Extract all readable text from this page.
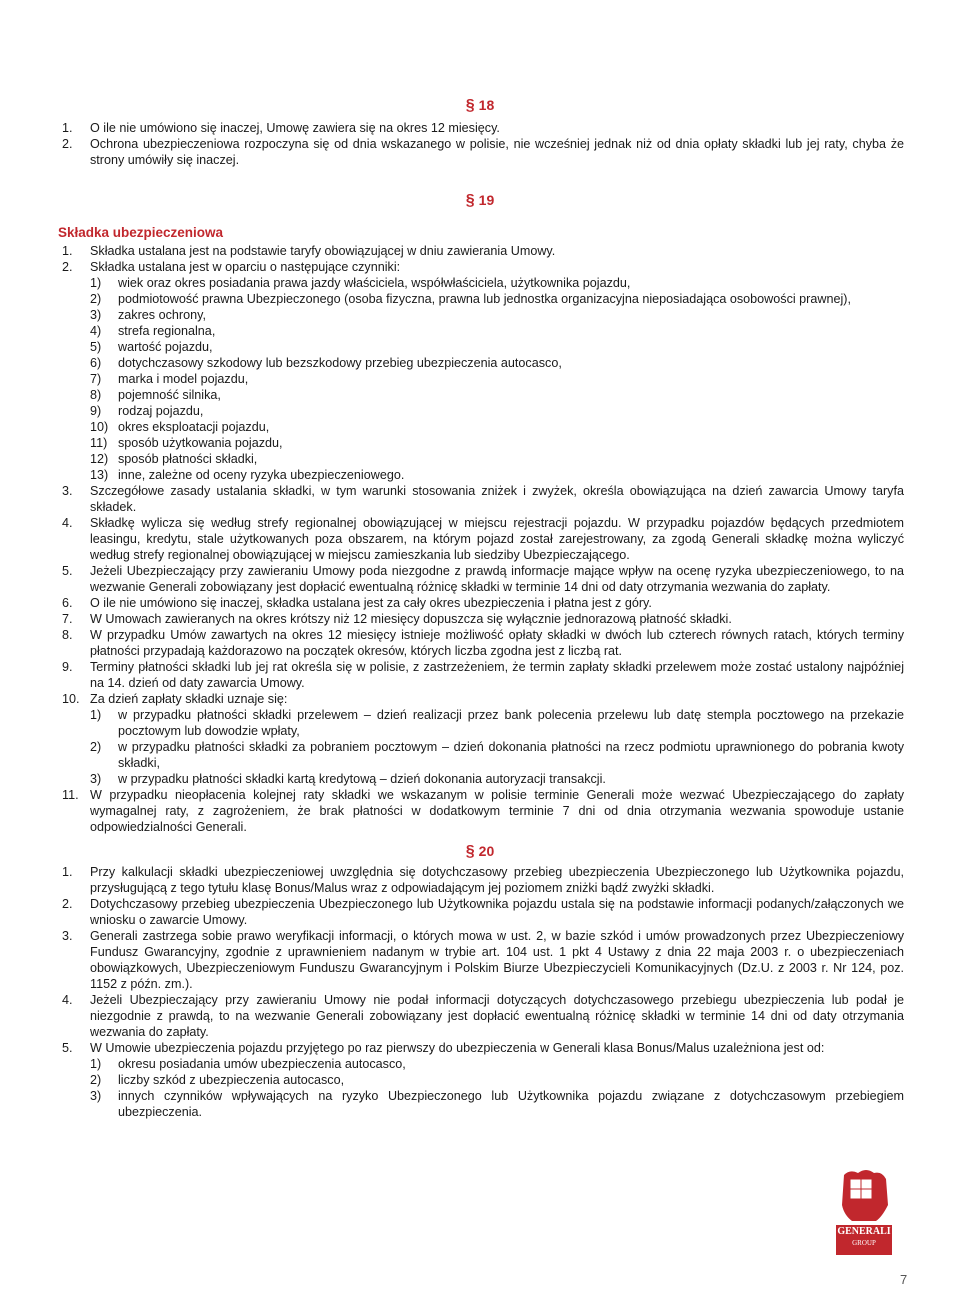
§ 18
1.	O ile nie umówiono się inaczej, Umowę zawiera się na okres 12 miesięcy.
2.	Ochrona ubezpieczeniowa rozpoczyna się od dnia wskazanego w polisie, nie wcześniej jednak niż od dnia opłaty składki lub jej raty, chyba że strony umówiły się inaczej.
§ 19
Składka ubezpieczeniowa
1.	Składka ustalana jest na podstawie taryfy obowiązującej w dniu zawierania Umowy.
2.	Składka ustalana jest w oparciu o następujące czynniki:
1)	wiek oraz okres posiadania prawa jazdy właściciela, współwłaściciela, użytkownika pojazdu,
2)	podmiotowość prawna Ubezpieczonego (osoba fizyczna, prawna lub jednostka organizacyjna nieposiadająca osobowości prawnej),
3)	zakres ochrony,
4)	strefa regionalna,
5)	wartość pojazdu,
6)	dotychczasowy szkodowy lub bezszkodowy przebieg ubezpieczenia autocasco,
7)	marka i model pojazdu,
8)	pojemność silnika,
9)	rodzaj pojazdu,
10) okres eksploatacji pojazdu,
11) sposób użytkowania pojazdu,
12) sposób płatności składki,
13) inne, zależne od oceny ryzyka ubezpieczeniowego.
3.	Szczegółowe zasady ustalania składki, w tym warunki stosowania zniżek i zwyżek, określa obowiązująca na dzień zawarcia Umowy taryfa składek.
4.	Składkę wylicza się według strefy regionalnej obowiązującej w miejscu rejestracji pojazdu. W przypadku pojazdów będących przedmiotem leasingu, kredytu, stale użytkowanych poza obszarem, na którym pojazd został zarejestrowany, za zgodą Generali składkę można wyliczyć według strefy regionalnej obowiązującej w miejscu zamieszkania lub siedziby Ubezpieczającego.
5.	Jeżeli Ubezpieczający przy zawieraniu Umowy poda niezgodne z prawdą informacje mające wpływ na ocenę ryzyka ubezpieczeniowego, to na wezwanie Generali zobowiązany jest dopłacić ewentualną różnicę składki w terminie 14 dni od daty otrzymania wezwania do zapłaty.
6.	O ile nie umówiono się inaczej, składka ustalana jest za cały okres ubezpieczenia i płatna jest z góry.
7.	W Umowach zawieranych na okres krótszy niż 12 miesięcy dopuszcza się wyłącznie jednorazową płatność składki.
8.	W przypadku Umów zawartych na okres 12 miesięcy istnieje możliwość opłaty składki w dwóch lub czterech równych ratach, których terminy płatności przypadają każdorazowo na początek okresów, których liczba zgodna jest z liczbą rat.
9.	Terminy płatności składki lub jej rat określa się w polisie, z zastrzeżeniem, że termin zapłaty składki przelewem może zostać ustalony najpóźniej na 14. dzień od daty zawarcia Umowy.
10. Za dzień zapłaty składki uznaje się:
1)	w przypadku płatności składki przelewem – dzień realizacji przez bank polecenia przelewu lub datę stempla pocztowego na przekazie pocztowym lub dowodzie wpłaty,
2)	w przypadku płatności składki za pobraniem pocztowym – dzień dokonania płatności na rzecz podmiotu uprawnionego do pobrania kwoty składki,
3)	w przypadku płatności składki kartą kredytową – dzień dokonania autoryzacji transakcji.
11. W przypadku nieopłacenia kolejnej raty składki we wskazanym w polisie terminie Generali może wezwać Ubezpieczającego do zapłaty wymagalnej raty, z zagrożeniem, że brak płatności w dodatkowym terminie 7 dni od dnia otrzymania wezwania spowoduje ustanie odpowiedzialności Generali.
§ 20
1.	Przy kalkulacji składki ubezpieczeniowej uwzględnia się dotychczasowy przebieg ubezpieczenia Ubezpieczonego lub Użytkownika pojazdu, przysługującą z tego tytułu klasę Bonus/Malus wraz z odpowiadającym jej poziomem zniżki bądź zwyżki składki.
2.	Dotychczasowy przebieg ubezpieczenia Ubezpieczonego lub Użytkownika pojazdu ustala się na podstawie informacji podanych/załączonych we wniosku o zawarcie Umowy.
3.	Generali zastrzega sobie prawo weryfikacji informacji, o których mowa w ust. 2, w bazie szkód i umów prowadzonych przez Ubezpieczeniowy Fundusz Gwarancyjny, zgodnie z uprawnieniem nadanym w trybie art. 104 ust. 1 pkt 4 Ustawy z dnia 22 maja 2003 r. o ubezpieczeniach obowiązkowych, Ubezpieczeniowym Funduszu Gwarancyjnym i Polskim Biurze Ubezpieczycieli Komunikacyjnych (Dz.U. z 2003 r. Nr 124, poz. 1152 z późn. zm.).
4.	Jeżeli Ubezpieczający przy zawieraniu Umowy nie podał informacji dotyczących dotychczasowego przebiegu ubezpieczenia lub podał je niezgodnie z prawdą, to na wezwanie Generali zobowiązany jest dopłacić ewentualną różnicę składki w terminie 14 dni od daty otrzymania wezwania do zapłaty.
5.	W Umowie ubezpieczenia pojazdu przyjętego po raz pierwszy do ubezpieczenia w Generali klasa Bonus/Malus uzależniona jest od:
1)	okresu posiadania umów ubezpieczenia autocasco,
2)	liczby szkód z ubezpieczenia autocasco,
3)	innych czynników wpływających na ryzyko Ubezpieczonego lub Użytkownika pojazdu związane z dotychczasowym przebiegiem ubezpieczenia.
GENERALI
GROUP
7
